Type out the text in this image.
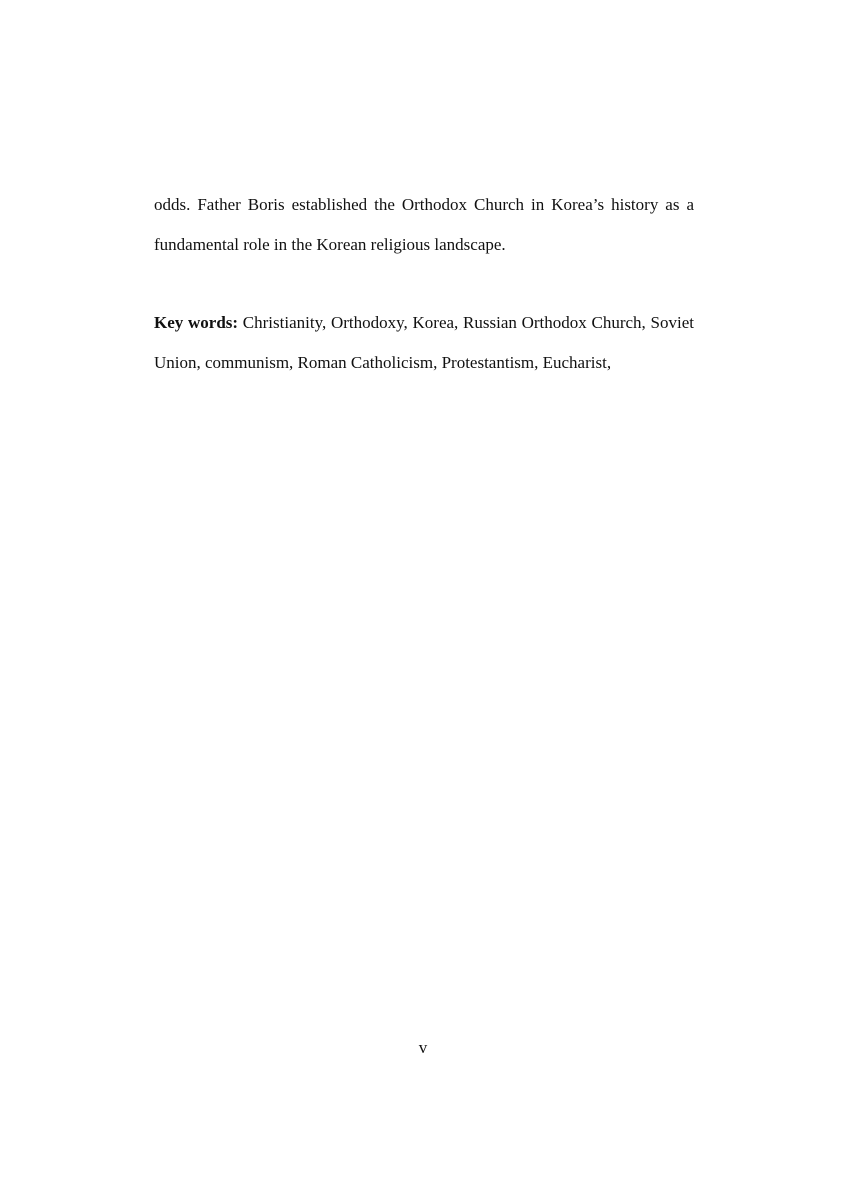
odds. Father Boris established the Orthodox Church in Korea’s history as a
fundamental role in the Korean religious landscape.
Key words: Christianity, Orthodoxy, Korea, Russian Orthodox Church, Soviet
Union, communism, Roman Catholicism, Protestantism, Eucharist,
v
